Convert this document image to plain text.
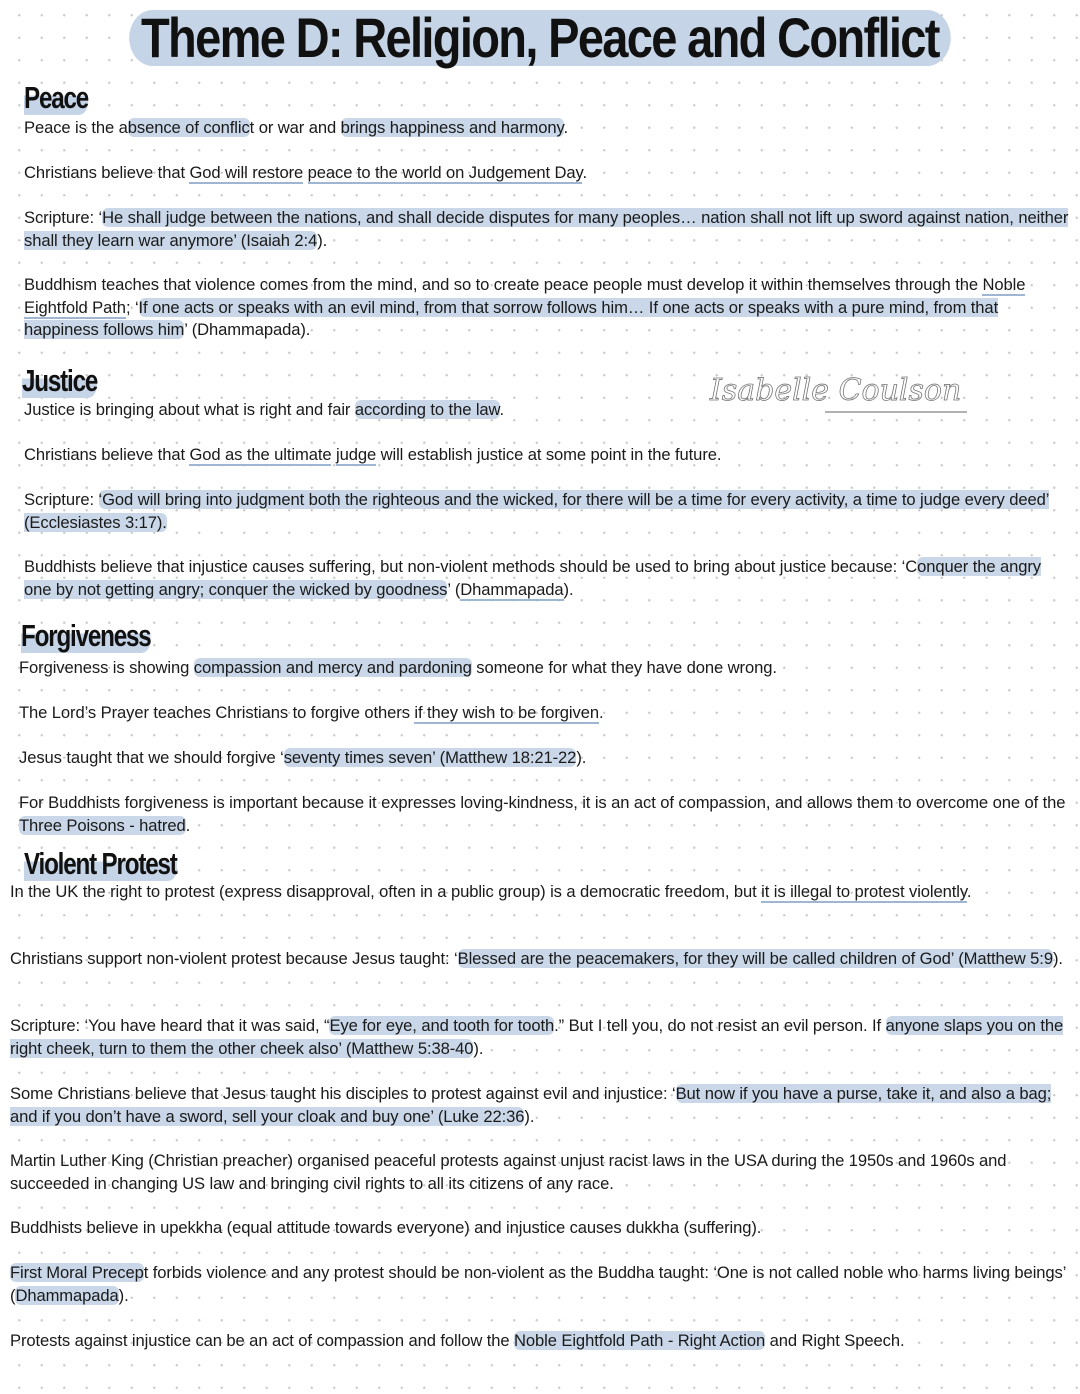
Theme D: Religion, Peace and Conflict
Isabelle Coulson
Peace
Peace is the absence of conflict or war and brings happiness and harmony.
Christians believe that God will restore peace to the world on Judgement Day.
Scripture: ‘He shall judge between the nations, and shall decide disputes for many peoples… nation shall not lift up sword against nation, neither shall they learn war anymore’ (Isaiah 2:4).
Buddhism teaches that violence comes from the mind, and so to create peace people must develop it within themselves through the Noble Eightfold Path; ‘If one acts or speaks with an evil mind, from that sorrow follows him… If one acts or speaks with a pure mind, from that happiness follows him’ (Dhammapada).
Justice
Justice is bringing about what is right and fair according to the law.
Christians believe that God as the ultimate judge will establish justice at some point in the future.
Scripture: ‘God will bring into judgment both the righteous and the wicked, for there will be a time for every activity, a time to judge every deed’ (Ecclesiastes 3:17).
Buddhists believe that injustice causes suffering, but non-violent methods should be used to bring about justice because: ‘Conquer the angry one by not getting angry; conquer the wicked by goodness’ (Dhammapada).
Forgiveness
Forgiveness is showing compassion and mercy and pardoning someone for what they have done wrong.
The Lord’s Prayer teaches Christians to forgive others if they wish to be forgiven.
Jesus taught that we should forgive ‘seventy times seven’ (Matthew 18:21-22).
For Buddhists forgiveness is important because it expresses loving-kindness, it is an act of compassion, and allows them to overcome one of the Three Poisons - hatred.
Violent Protest
In the UK the right to protest (express disapproval, often in a public group) is a democratic freedom, but it is illegal to protest violently.
Christians support non-violent protest because Jesus taught: ‘Blessed are the peacemakers, for they will be called children of God’ (Matthew 5:9).
Scripture: ‘You have heard that it was said, “Eye for eye, and tooth for tooth.” But I tell you, do not resist an evil person. If anyone slaps you on the right cheek, turn to them the other cheek also’ (Matthew 5:38-40).
Some Christians believe that Jesus taught his disciples to protest against evil and injustice: ‘But now if you have a purse, take it, and also a bag; and if you don’t have a sword, sell your cloak and buy one’ (Luke 22:36).
Martin Luther King (Christian preacher) organised peaceful protests against unjust racist laws in the USA during the 1950s and 1960s and succeeded in changing US law and bringing civil rights to all its citizens of any race.
Buddhists believe in upekkha (equal attitude towards everyone) and injustice causes dukkha (suffering).
First Moral Precept forbids violence and any protest should be non-violent as the Buddha taught: ‘One is not called noble who harms living beings’ (Dhammapada).
Protests against injustice can be an act of compassion and follow the Noble Eightfold Path - Right Action and Right Speech.
